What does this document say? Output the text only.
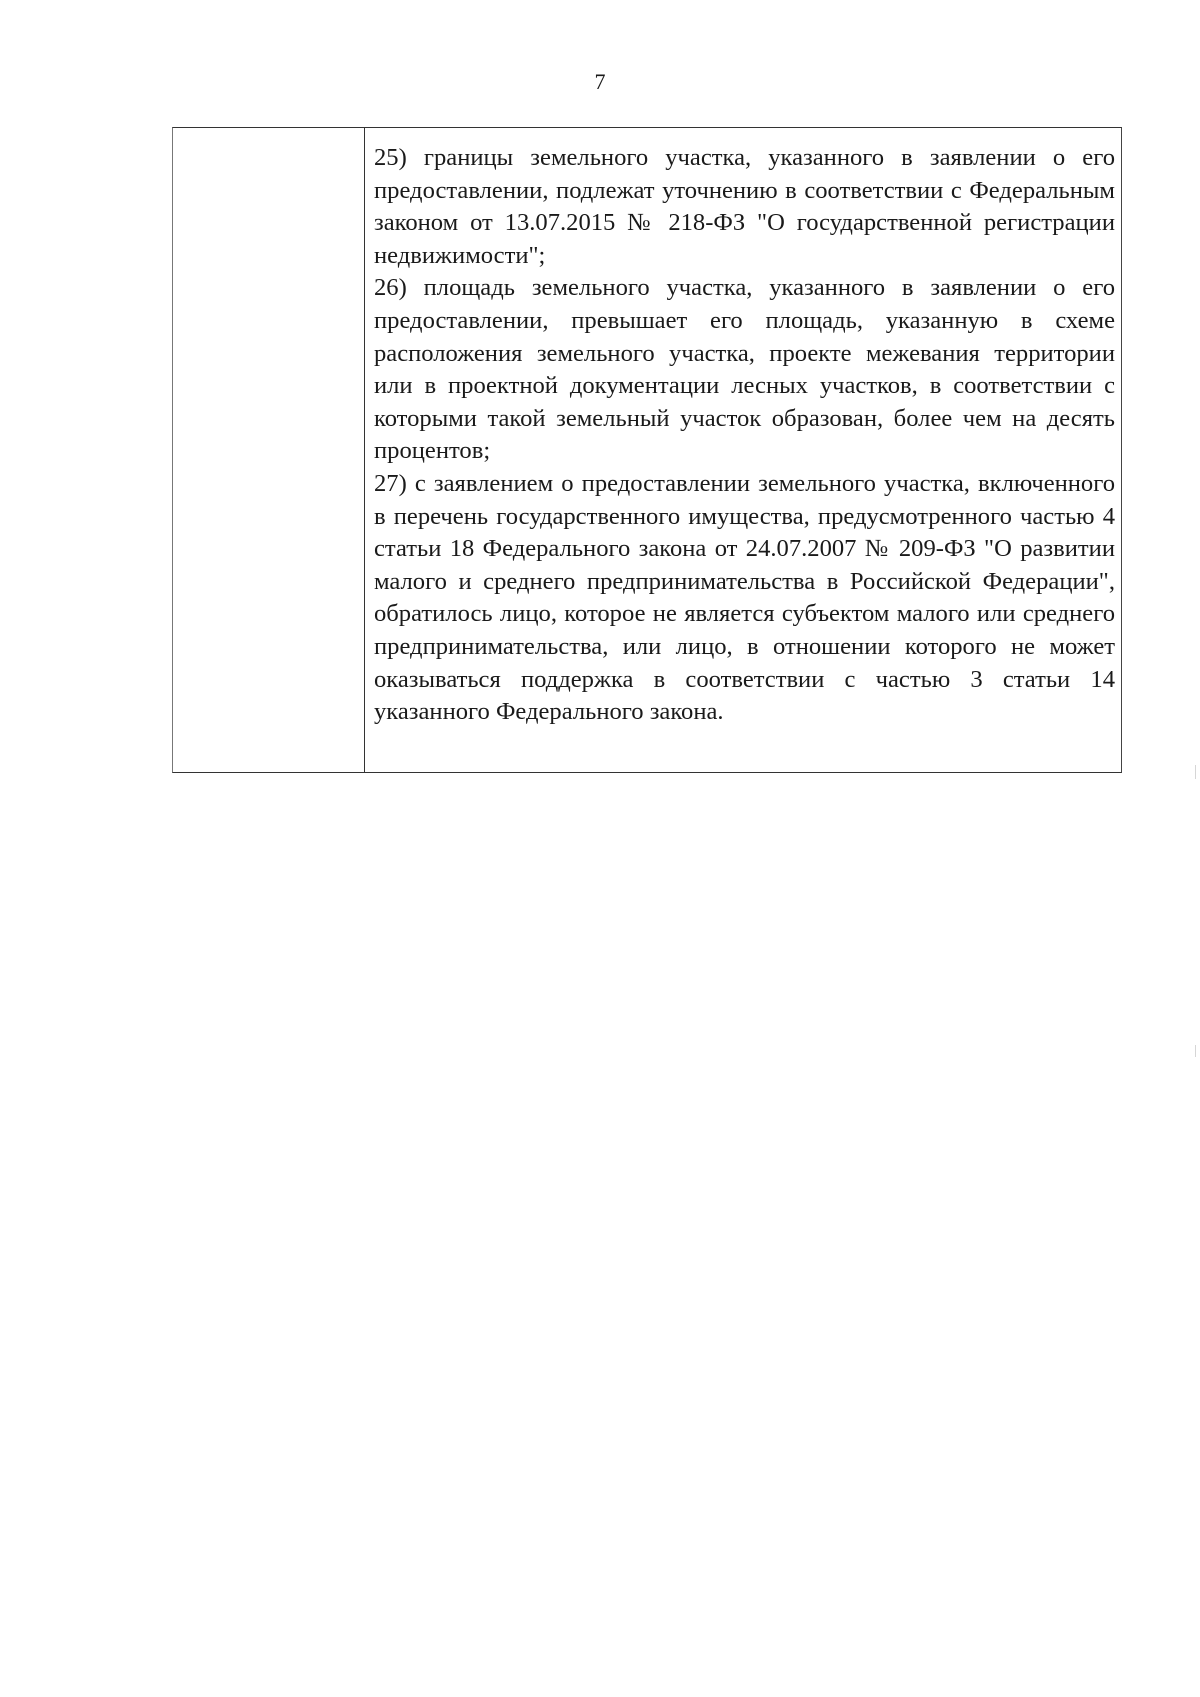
7

25) границы земельного участка, указанного в заявлении о его предоставлении, подлежат уточнению в соответствии с Федеральным законом от 13.07.2015 № 218-ФЗ "О государственной регистрации недвижимости";

26) площадь земельного участка, указанного в заявлении о его предоставлении, превышает его площадь, указанную в схеме расположения земельного участка, проекте межевания территории или в проектной документации лесных участков, в соответствии с которыми такой земельный участок образован, более чем на десять процентов;

27) с заявлением о предоставлении земельного участка, включенного в перечень государственного имущества, предусмотренного частью 4 статьи 18 Федерального закона от 24.07.2007 № 209-ФЗ "О развитии малого и среднего предпринимательства в Российской Федерации", обратилось лицо, которое не является субъектом малого или среднего предпринимательства, или лицо, в отношении которого не может оказываться поддержка в соответствии с частью 3 статьи 14 указанного Федерального закона.
